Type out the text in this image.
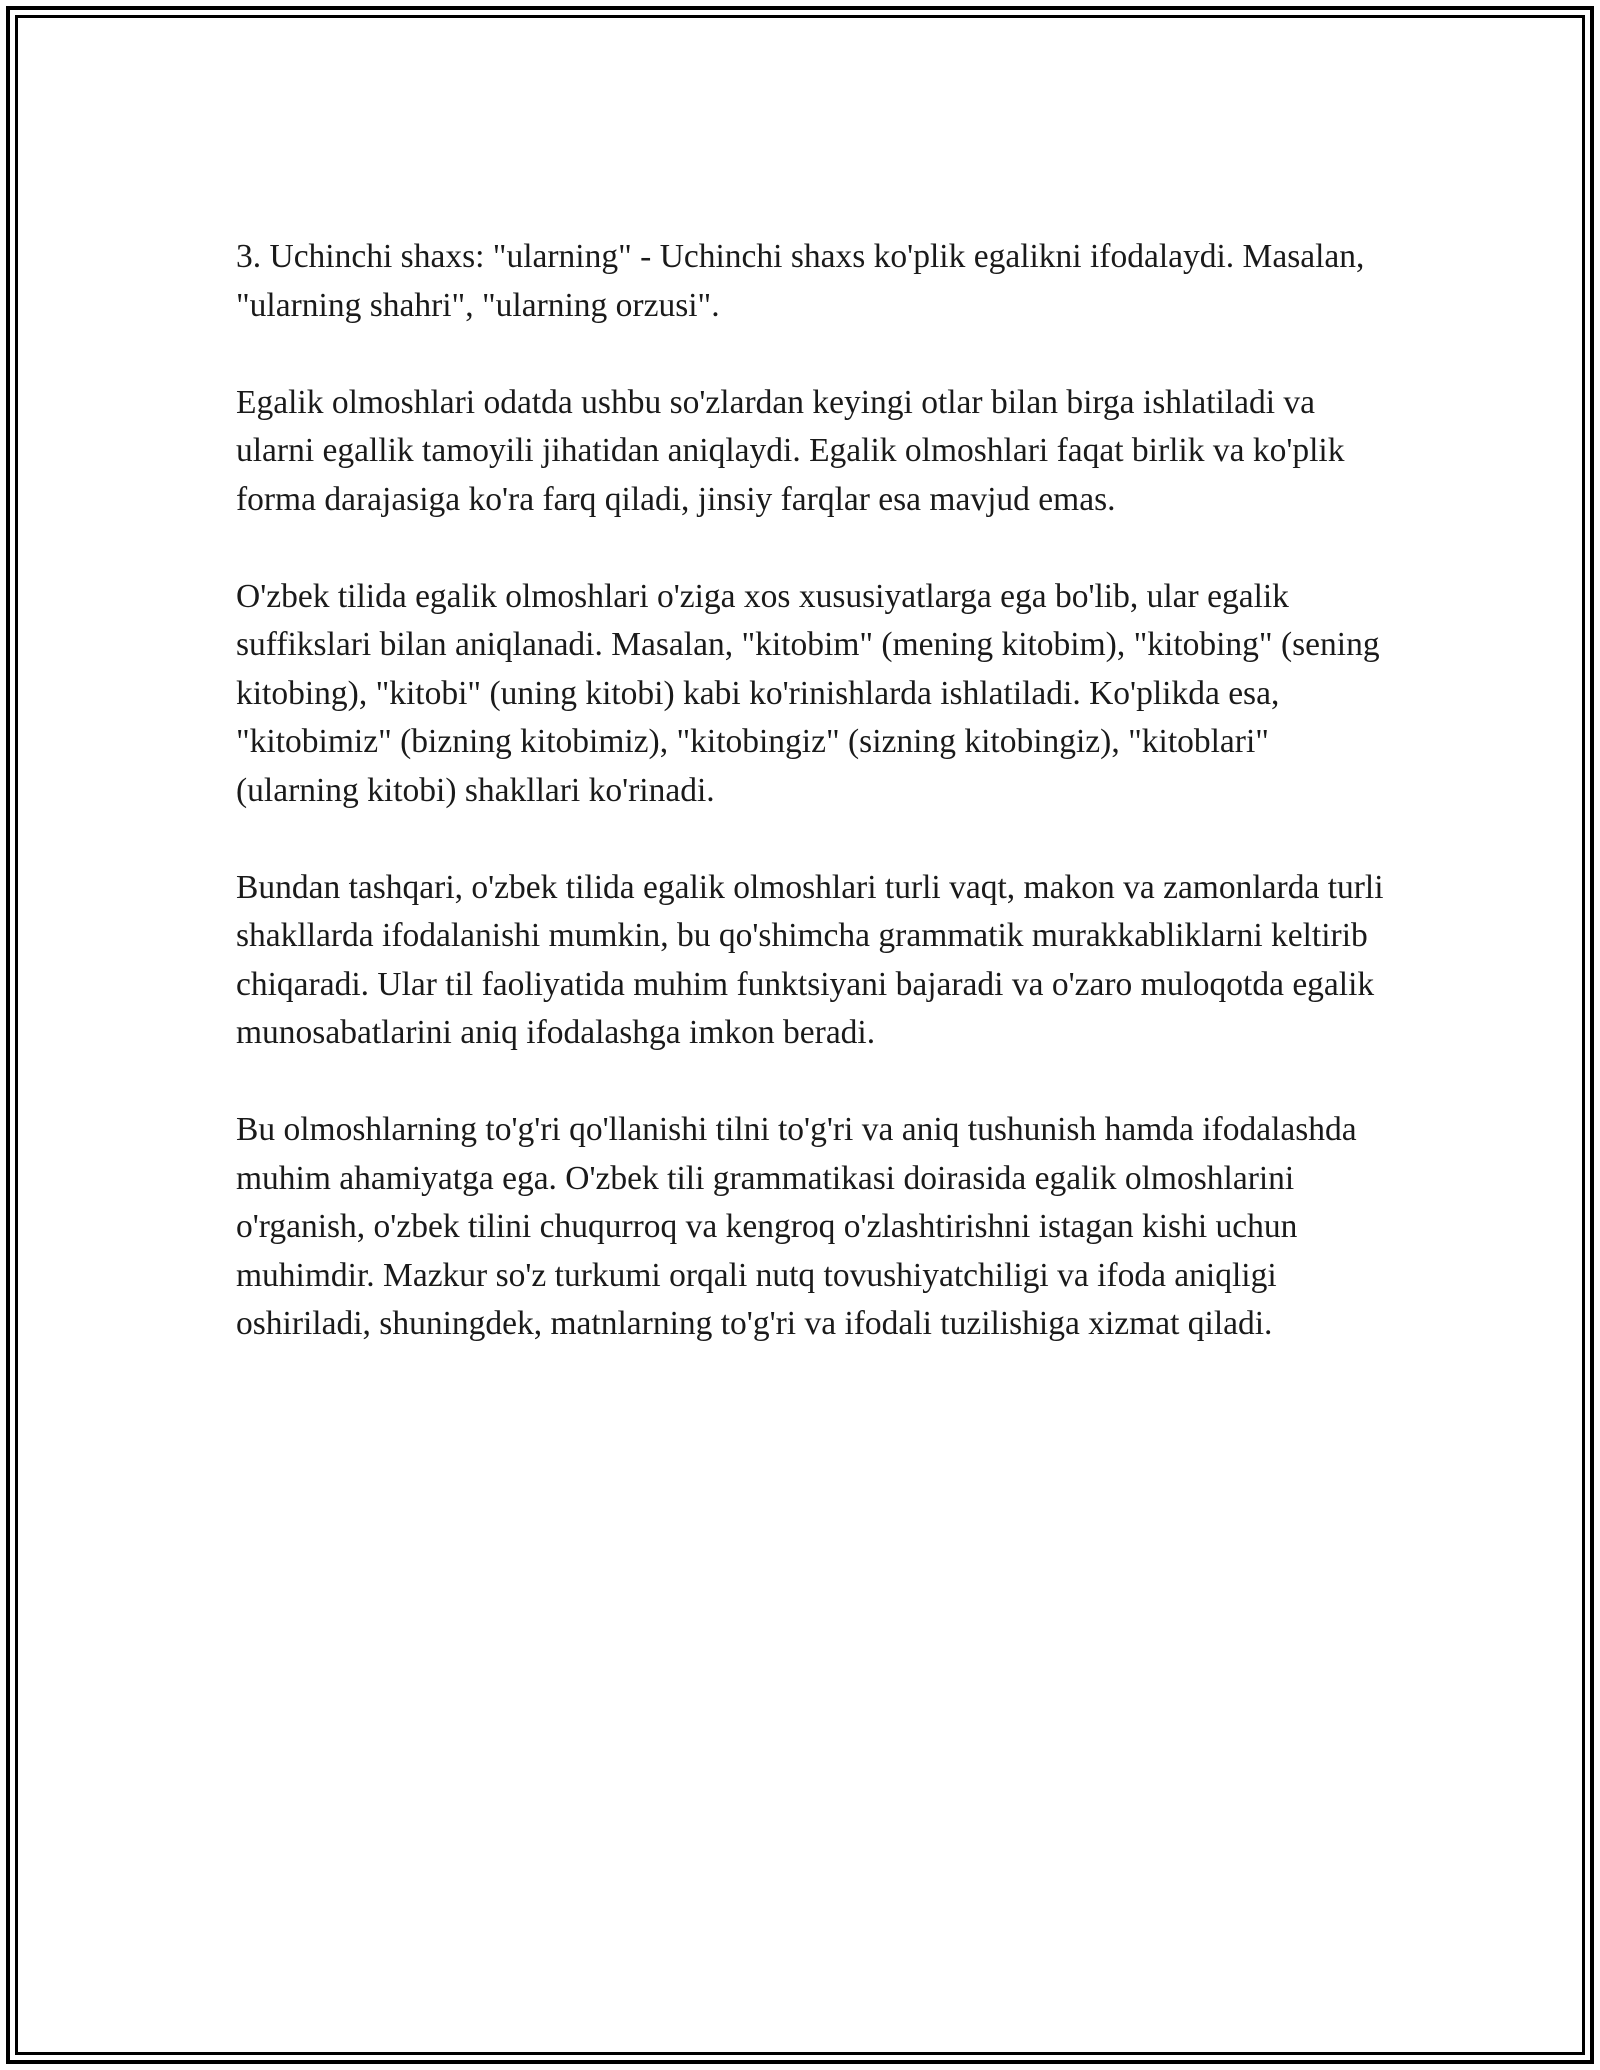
3. Uchinchi shaxs: "ularning" - Uchinchi shaxs ko'plik egalikni ifodalaydi. Masalan, "ularning shahri", "ularning orzusi".

Egalik olmoshlari odatda ushbu so'zlardan keyingi otlar bilan birga ishlatiladi va ularni egallik tamoyili jihatidan aniqlaydi. Egalik olmoshlari faqat birlik va ko'plik forma darajasiga ko'ra farq qiladi, jinsiy farqlar esa mavjud emas.

O'zbek tilida egalik olmoshlari o'ziga xos xususiyatlarga ega bo'lib, ular egalik suffikslari bilan aniqlanadi. Masalan, "kitobim" (mening kitobim), "kitobing" (sening kitobing), "kitobi" (uning kitobi) kabi ko'rinishlarda ishlatiladi. Ko'plikda esa, "kitobimiz" (bizning kitobimiz), "kitobingiz" (sizning kitobingiz), "kitoblari" (ularning kitobi) shakllari ko'rinadi.

Bundan tashqari, o'zbek tilida egalik olmoshlari turli vaqt, makon va zamonlarda turli shakllarda ifodalanishi mumkin, bu qo'shimcha grammatik murakkabliklarni keltirib chiqaradi. Ular til faoliyatida muhim funktsiyani bajaradi va o'zaro muloqotda egalik munosabatlarini aniq ifodalashga imkon beradi.

Bu olmoshlarning to'g'ri qo'llanishi tilni to'g'ri va aniq tushunish hamda ifodalashda muhim ahamiyatga ega. O'zbek tili grammatikasi doirasida egalik olmoshlarini o'rganish, o'zbek tilini chuqurroq va kengroq o'zlashtirishni istagan kishi uchun muhimdir. Mazkur so'z turkumi orqali nutq tovushiyatchiligi va ifoda aniqligi oshiriladi, shuningdek, matnlarning to'g'ri va ifodali tuzilishiga xizmat qiladi.
